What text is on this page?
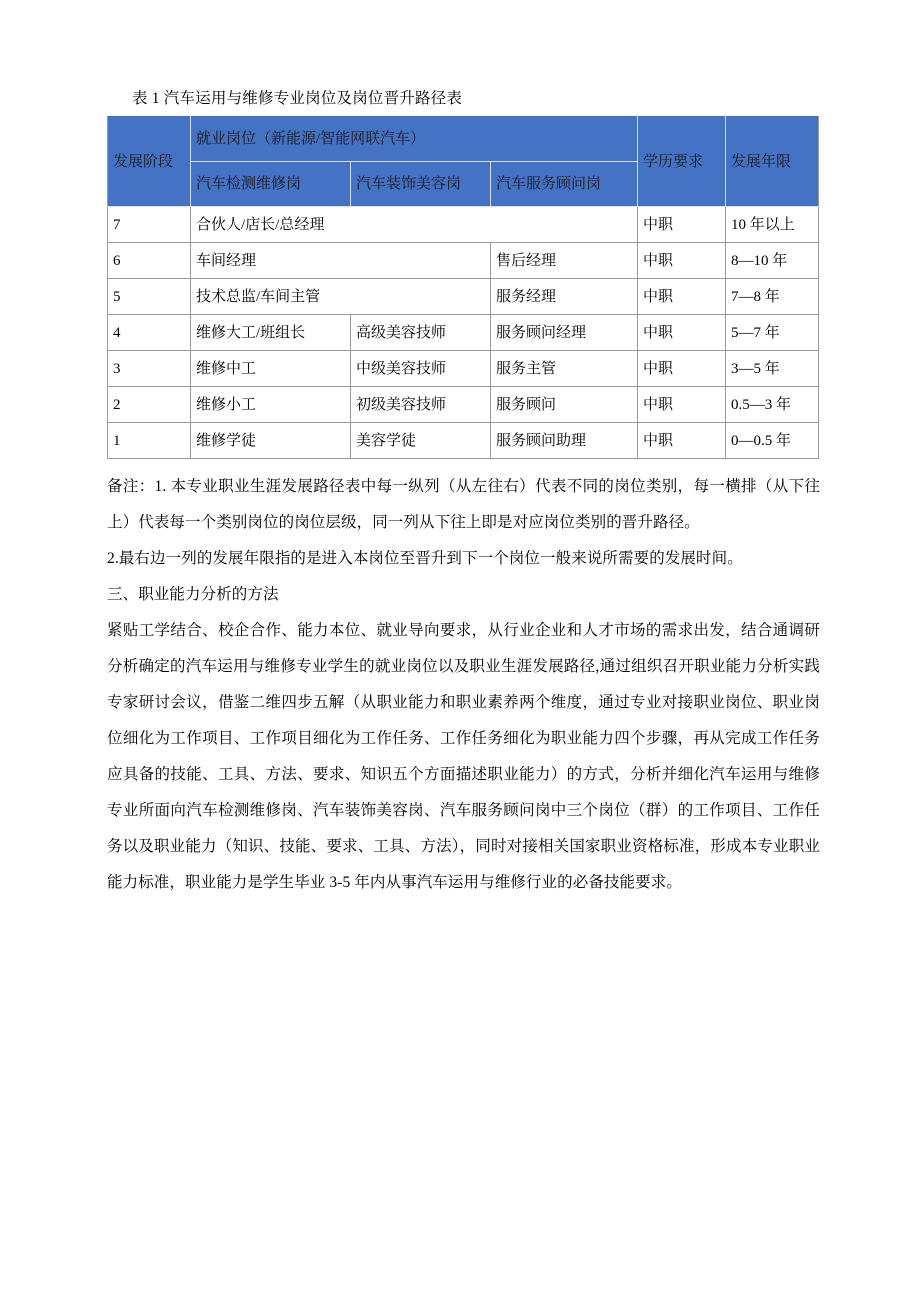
表 1 汽车运用与维修专业岗位及岗位晋升路径表
发展阶段	就业岗位（新能源/智能网联汽车）			学历要求	发展年限
	汽车检测维修岗	汽车装饰美容岗	汽车服务顾问岗		
7	合伙人/店长/总经理			中职	10 年以上
6	车间经理		售后经理	中职	8—10 年
5	技术总监/车间主管		服务经理	中职	7—8 年
4	维修大工/班组长	高级美容技师	服务顾问经理	中职	5—7 年
3	维修中工	中级美容技师	服务主管	中职	3—5 年
2	维修小工	初级美容技师	服务顾问	中职	0.5—3 年
1	维修学徒	美容学徒	服务顾问助理	中职	0—0.5 年

备注：1. 本专业职业生涯发展路径表中每一纵列（从左往右）代表不同的岗位类别，每一横排（从下往上）代表每一个类别岗位的岗位层级，同一列从下往上即是对应岗位类别的晋升路径。

2.最右边一列的发展年限指的是进入本岗位至晋升到下一个岗位一般来说所需要的发展时间。

三、职业能力分析的方法

紧贴工学结合、校企合作、能力本位、就业导向要求，从行业企业和人才市场的需求出发，结合通调研分析确定的汽车运用与维修专业学生的就业岗位以及职业生涯发展路径,通过组织召开职业能力分析实践专家研讨会议，借鉴二维四步五解（从职业能力和职业素养两个维度，通过专业对接职业岗位、职业岗位细化为工作项目、工作项目细化为工作任务、工作任务细化为职业能力四个步骤，再从完成工作任务应具备的技能、工具、方法、要求、知识五个方面描述职业能力）的方式，分析并细化汽车运用与维修专业所面向汽车检测维修岗、汽车装饰美容岗、汽车服务顾问岗中三个岗位（群）的工作项目、工作任务以及职业能力（知识、技能、要求、工具、方法），同时对接相关国家职业资格标准，形成本专业职业能力标准，职业能力是学生毕业 3-5 年内从事汽车运用与维修行业的必备技能要求。
